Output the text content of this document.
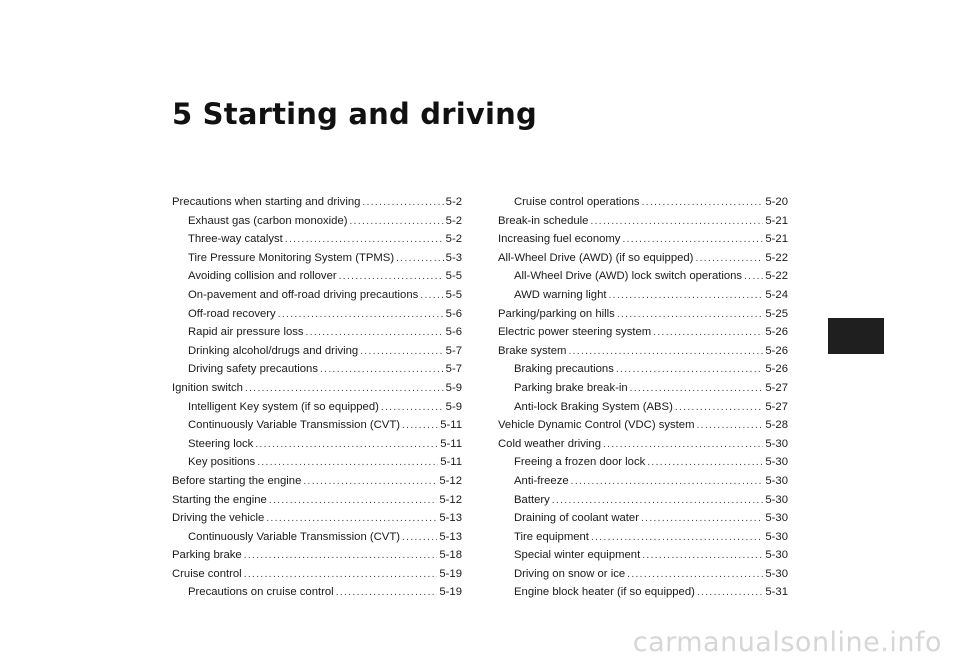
5 Starting and driving
Precautions when starting and driving .....	5-2
Exhaust gas (carbon monoxide) .....	5-2
Three-way catalyst .....	5-2
Tire Pressure Monitoring System (TPMS) .....	5-3
Avoiding collision and rollover .....	5-5
On-pavement and off-road driving precautions ..... 5-5
Off-road recovery .....	5-6
Rapid air pressure loss .....	5-6
Drinking alcohol/drugs and driving .....	5-7
Driving safety precautions .....	5-7
Ignition switch .....	5-9
Intelligent Key system (if so equipped) .....	5-9
Continuously Variable Transmission (CVT) .....	5-11
Steering lock .....	5-11
Key positions .....	5-11
Before starting the engine .....	5-12
Starting the engine .....	5-12
Driving the vehicle .....	5-13
Continuously Variable Transmission (CVT) .....	5-13
Parking brake .....	5-18
Cruise control .....	5-19
Precautions on cruise control .....	5-19
Cruise control operations .....	5-20
Break-in schedule .....	5-21
Increasing fuel economy .....	5-21
All-Wheel Drive (AWD) (if so equipped) .....	5-22
All-Wheel Drive (AWD) lock switch operations ..... 5-22
AWD warning light .....	5-24
Parking/parking on hills .....	5-25
Electric power steering system .....	5-26
Brake system .....	5-26
Braking precautions .....	5-26
Parking brake break-in .....	5-27
Anti-lock Braking System (ABS) .....	5-27
Vehicle Dynamic Control (VDC) system .....	5-28
Cold weather driving .....	5-30
Freeing a frozen door lock .....	5-30
Anti-freeze .....	5-30
Battery .....	5-30
Draining of coolant water .....	5-30
Tire equipment .....	5-30
Special winter equipment .....	5-30
Driving on snow or ice .....	5-30
Engine block heater (if so equipped) .....	5-31
carmanualsonline.info
